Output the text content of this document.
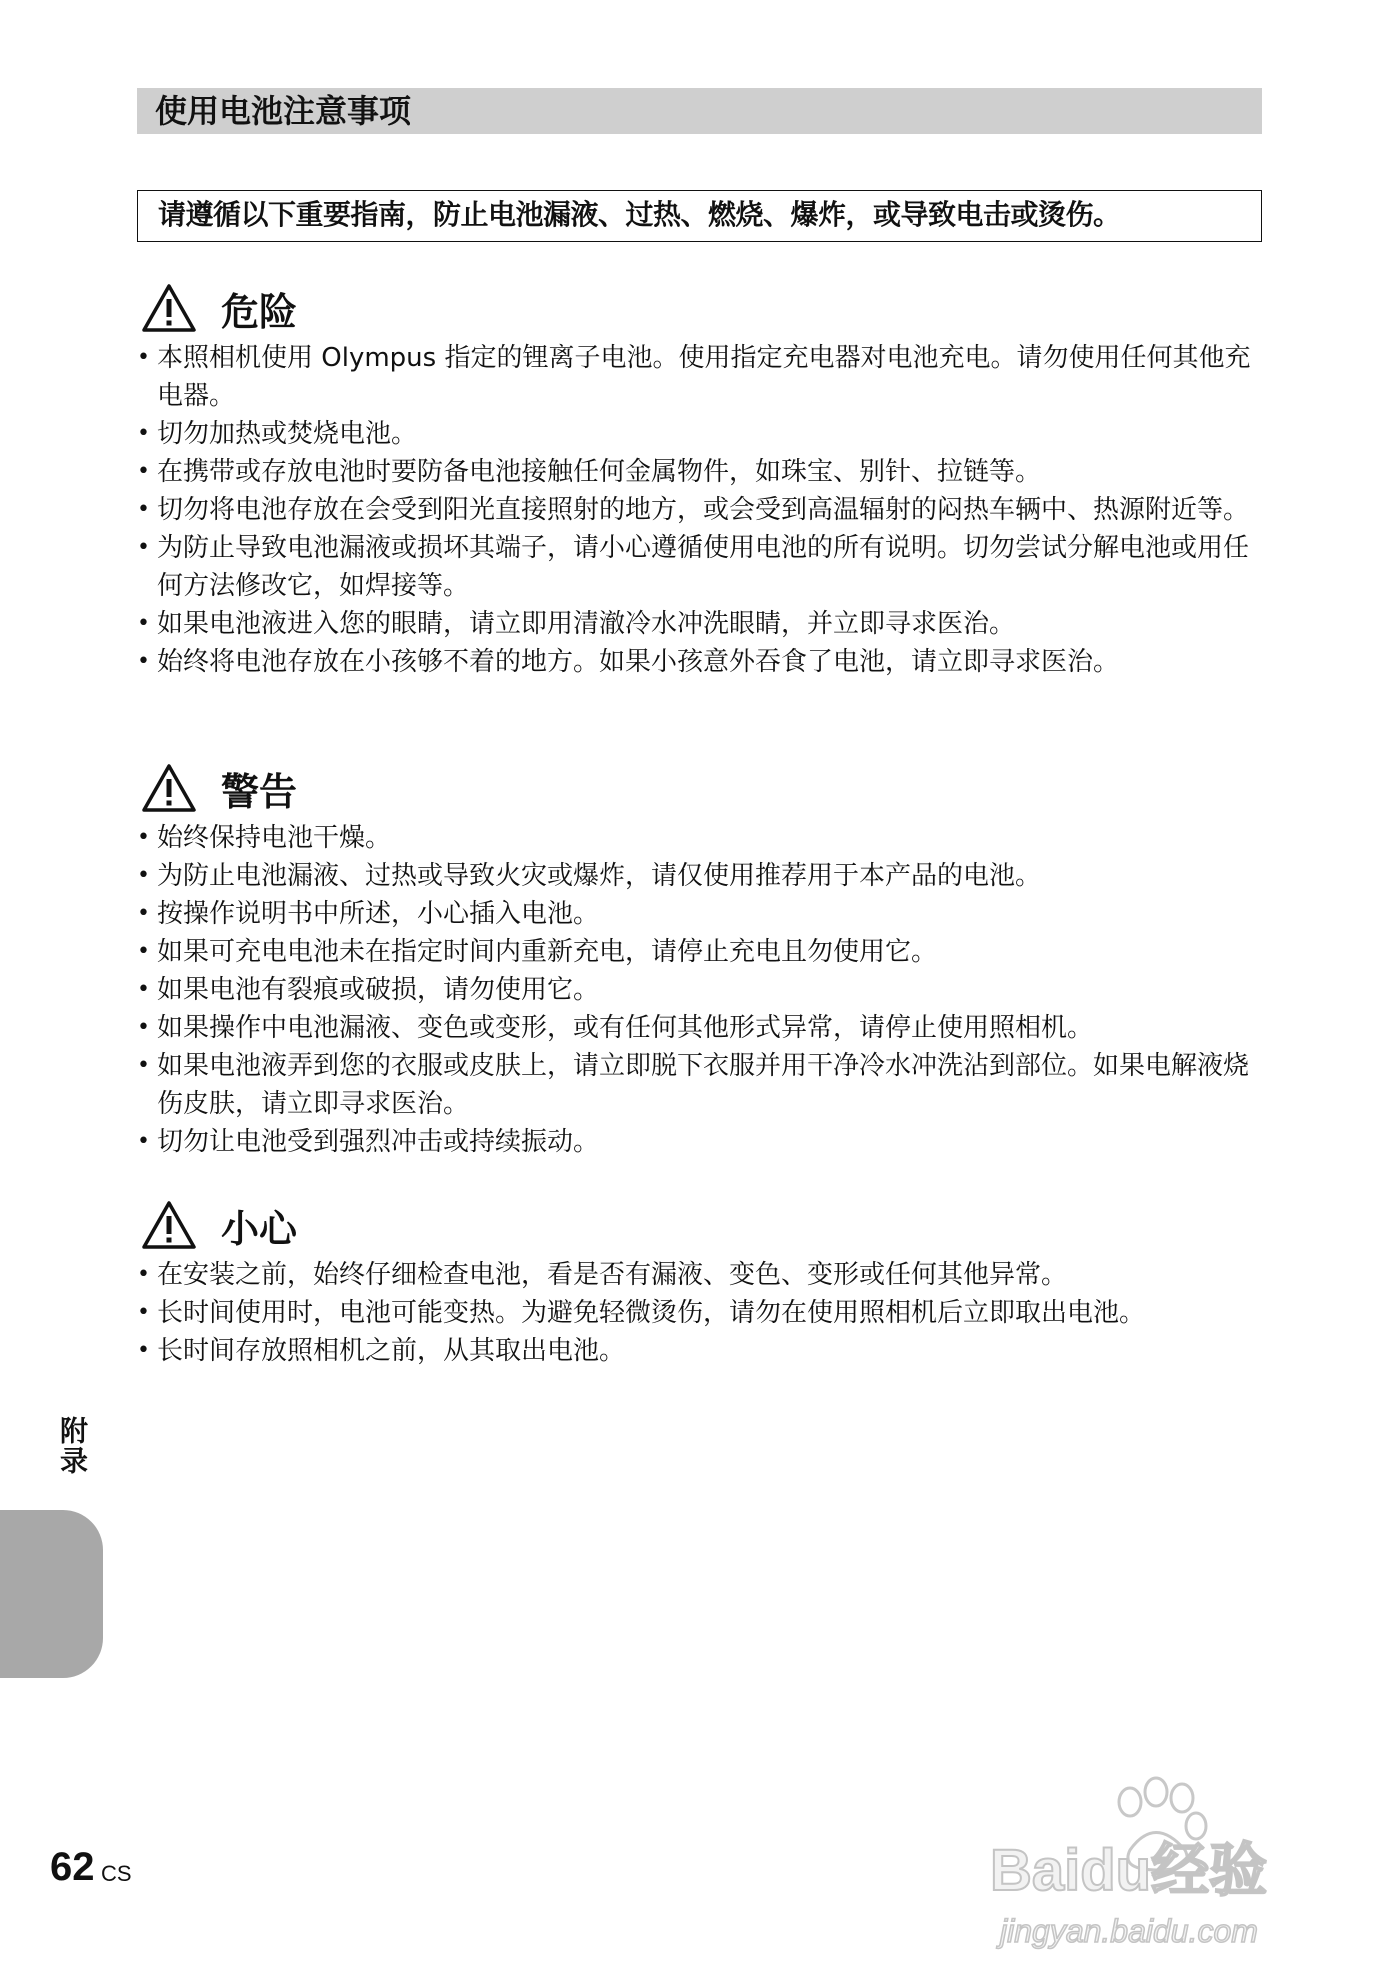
使用电池注意事项
请遵循以下重要指南，防止电池漏液、过热、燃烧、爆炸，或导致电击或烫伤。
危险
• 本照相机使用 Olympus 指定的锂离子电池。使用指定充电器对电池充电。请勿使用任何其他充电器。
• 切勿加热或焚烧电池。
• 在携带或存放电池时要防备电池接触任何金属物件，如珠宝、别针、拉链等。
• 切勿将电池存放在会受到阳光直接照射的地方，或会受到高温辐射的闷热车辆中、热源附近等。
• 为防止导致电池漏液或损坏其端子，请小心遵循使用电池的所有说明。切勿尝试分解电池或用任何方法修改它，如焊接等。
• 如果电池液进入您的眼睛，请立即用清澈冷水冲洗眼睛，并立即寻求医治。
• 始终将电池存放在小孩够不着的地方。如果小孩意外吞食了电池，请立即寻求医治。
警告
• 始终保持电池干燥。
• 为防止电池漏液、过热或导致火灾或爆炸，请仅使用推荐用于本产品的电池。
• 按操作说明书中所述，小心插入电池。
• 如果可充电电池未在指定时间内重新充电，请停止充电且勿使用它。
• 如果电池有裂痕或破损，请勿使用它。
• 如果操作中电池漏液、变色或变形，或有任何其他形式异常，请停止使用照相机。
• 如果电池液弄到您的衣服或皮肤上，请立即脱下衣服并用干净冷水冲洗沾到部位。如果电解液烧伤皮肤，请立即寻求医治。
• 切勿让电池受到强烈冲击或持续振动。
小心
• 在安装之前，始终仔细检查电池，看是否有漏液、变色、变形或任何其他异常。
• 长时间使用时，电池可能变热。为避免轻微烫伤，请勿在使用照相机后立即取出电池。
• 长时间存放照相机之前，从其取出电池。
附录
62 CS	Baidu经验
jingyan.baidu.com
